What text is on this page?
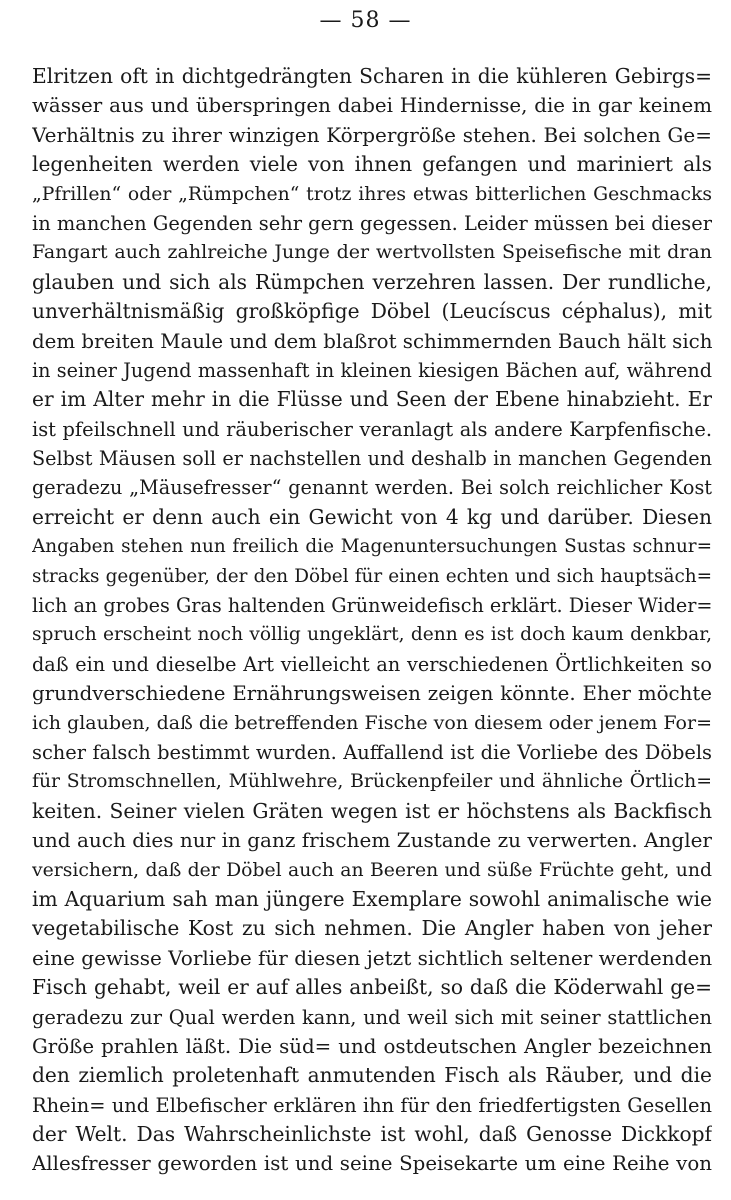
— 58 —
Elritzen oft in dichtgedrängten Scharen in die kühleren Gebirgs=
wässer aus und überspringen dabei Hindernisse, die in gar keinem
Verhältnis zu ihrer winzigen Körpergröße stehen. Bei solchen Ge=
legenheiten werden viele von ihnen gefangen und mariniert als
„Pfrillen“ oder „Rümpchen“ trotz ihres etwas bitterlichen Geschmacks
in manchen Gegenden sehr gern gegessen. Leider müssen bei dieser
Fangart auch zahlreiche Junge der wertvollsten Speisefische mit dran
glauben und sich als Rümpchen verzehren lassen. Der rundliche,
unverhältnismäßig großköpfige Döbel (Leucíscus céphalus), mit
dem breiten Maule und dem blaßrot schimmernden Bauch hält sich
in seiner Jugend massenhaft in kleinen kiesigen Bächen auf, während
er im Alter mehr in die Flüsse und Seen der Ebene hinabzieht. Er
ist pfeilschnell und räuberischer veranlagt als andere Karpfenfische.
Selbst Mäusen soll er nachstellen und deshalb in manchen Gegenden
geradezu „Mäusefresser“ genannt werden. Bei solch reichlicher Kost
erreicht er denn auch ein Gewicht von 4 kg und darüber. Diesen
Angaben stehen nun freilich die Magenuntersuchungen Sustas schnur=
stracks gegenüber, der den Döbel für einen echten und sich hauptsäch=
lich an grobes Gras haltenden Grünweidefisch erklärt. Dieser Wider=
spruch erscheint noch völlig ungeklärt, denn es ist doch kaum denkbar,
daß ein und dieselbe Art vielleicht an verschiedenen Örtlichkeiten so
grundverschiedene Ernährungsweisen zeigen könnte. Eher möchte
ich glauben, daß die betreffenden Fische von diesem oder jenem For=
scher falsch bestimmt wurden. Auffallend ist die Vorliebe des Döbels
für Stromschnellen, Mühlwehre, Brückenpfeiler und ähnliche Örtlich=
keiten. Seiner vielen Gräten wegen ist er höchstens als Backfisch
und auch dies nur in ganz frischem Zustande zu verwerten. Angler
versichern, daß der Döbel auch an Beeren und süße Früchte geht, und
im Aquarium sah man jüngere Exemplare sowohl animalische wie
vegetabilische Kost zu sich nehmen. Die Angler haben von jeher
eine gewisse Vorliebe für diesen jetzt sichtlich seltener werdenden
Fisch gehabt, weil er auf alles anbeißt, so daß die Köderwahl ge=
geradezu zur Qual werden kann, und weil sich mit seiner stattlichen
Größe prahlen läßt. Die süd= und ostdeutschen Angler bezeichnen
den ziemlich proletenhaft anmutenden Fisch als Räuber, und die
Rhein= und Elbefischer erklären ihn für den friedfertigsten Gesellen
der Welt. Das Wahrscheinlichste ist wohl, daß Genosse Dickkopf
Allesfresser geworden ist und seine Speisekarte um eine Reihe von
